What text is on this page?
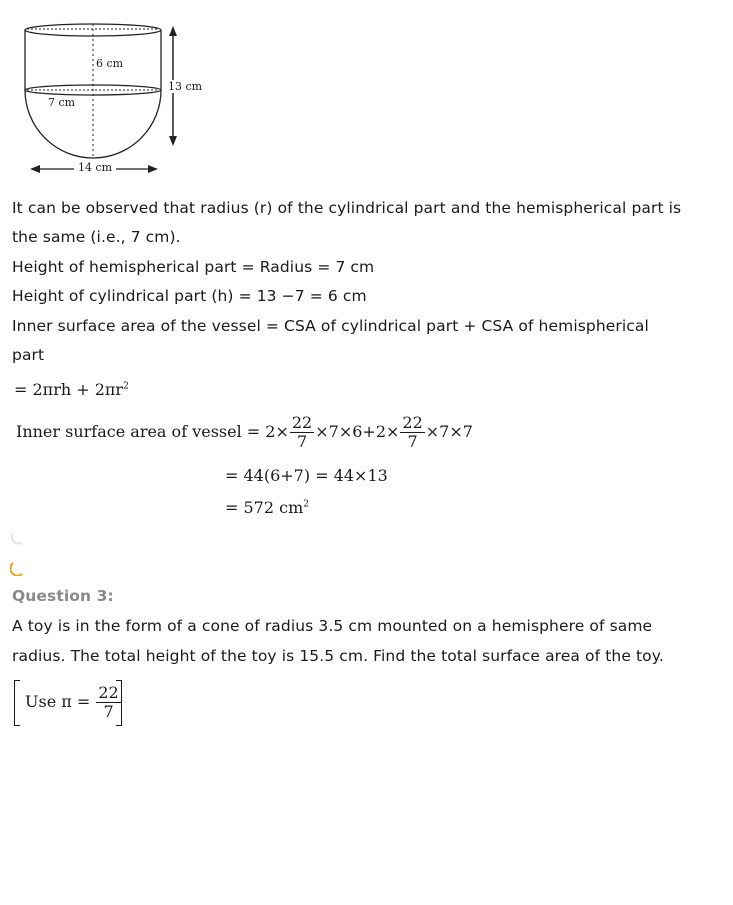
6 cm
7 cm
13 cm
14 cm
It can be observed that radius (r) of the cylindrical part and the hemispherical part is
the same (i.e., 7 cm).
Height of hemispherical part = Radius = 7 cm
Height of cylindrical part (h) = 13 −7 = 6 cm
Inner surface area of the vessel = CSA of cylindrical part + CSA of hemispherical
part
= $2\pi rh + 2\pi r^2$
Inner surface area of vessel = $2\times \frac{22}{7} \times 7\times 6+2\times \frac{22}{7} \times 7\times 7$
= 44(6+7) = 44×13
= 572 $cm^2$
Question 3:
A toy is in the form of a cone of radius 3.5 cm mounted on a hemisphere of same
radius. The total height of the toy is 15.5 cm. Find the total surface area of the toy.
Use $\pi = \frac{22}{7}$
